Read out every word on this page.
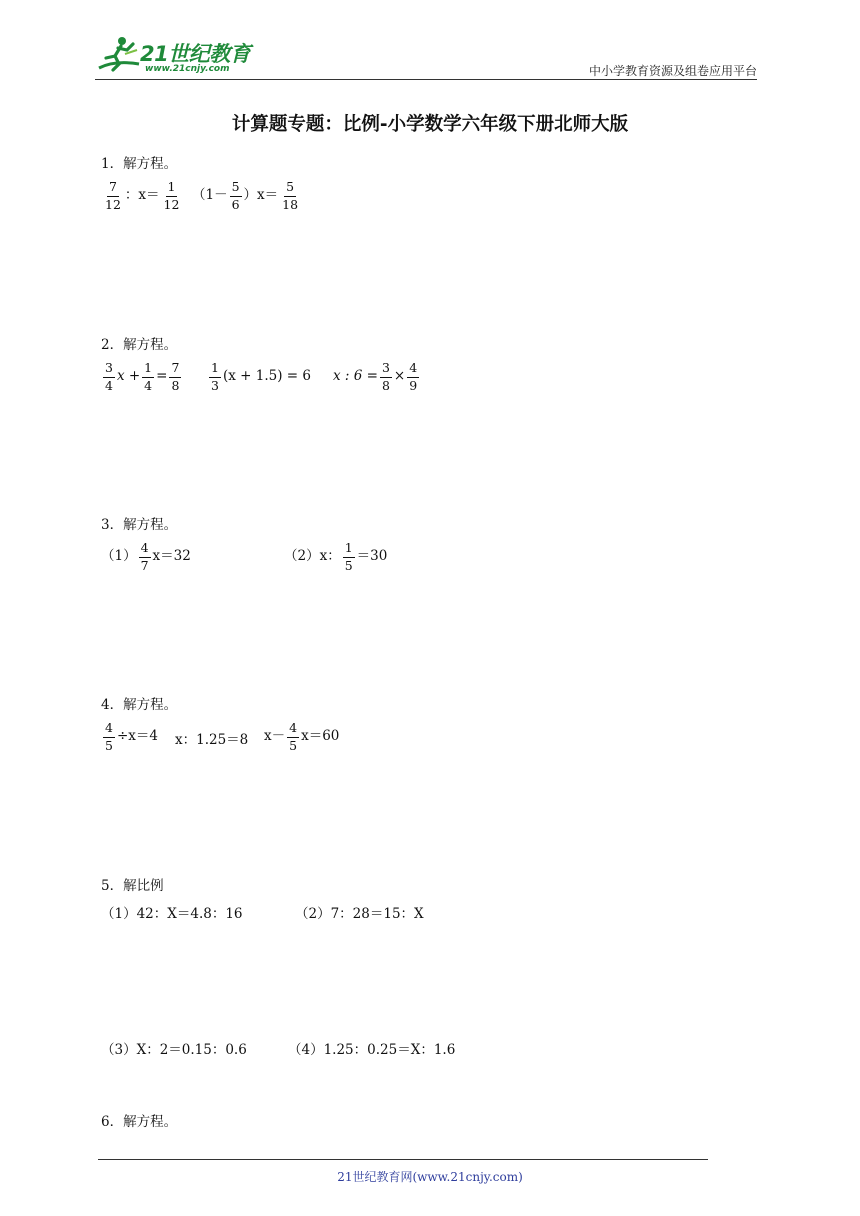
21世纪教育
www.21cnjy.com	中小学教育资源及组卷应用平台
计算题专题：比例-小学数学六年级下册北师大版
1．解方程。
$\frac{7}{12}$ ：$x= \frac{1}{12} (1- \frac{5}{6} )x= \frac{5}{18}$
2．解方程。
$\frac{3}{4}$ $x + \frac{1}{4} = \frac{7}{8} \frac{1}{3} (x + 1.5) = 6$ x : $6 = \frac{3}{8} \times \frac{4}{9}$
3．解方程。
$(1) \frac{4}{7} x=32$	（2）x： $\frac{1}{5} =30$
4．解方程。
$\frac{4}{5} \div x=4$ x：1.25＝8 $x- \frac{4}{5} x=60$
5．解比例
（1）42：X＝4.8：16	（2）7：28＝15：X
（3）X：2＝0.15：0.6	（4）1.25：0.25＝X：1.6
6．解方程。
21世纪教育网(www.21cnjy.com)
